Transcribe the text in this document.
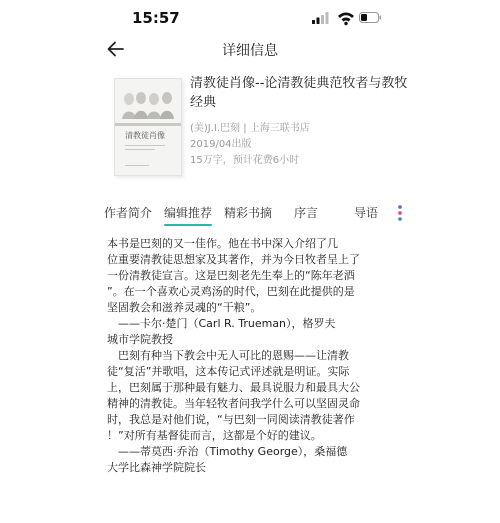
15:57
详细信息
清教徒肖像
清教徒肖像--论清教徒典范牧者与教牧
经典
(美)J.I.巴刻 | 上海三联书店
2019/04出版
15万字，预计花费6小时
作者简介 编辑推荐 精彩书摘 序言	导语
本书是巴刻的又一佳作。他在书中深入介绍了几
位重要清教徒思想家及其著作，并为今日牧者呈上了
一份清教徒宣言。这是巴刻老先生奉上的“陈年老酒
”。在一个喜欢心灵鸡汤的时代，巴刻在此提供的是
坚固教会和滋养灵魂的“干粮”。
　——卡尔·楚门（Carl R. Trueman），格罗夫
城市学院教授
　巴刻有种当下教会中无人可比的恩赐——让清教
徒“复活”并歌唱，这本传记式评述就是明证。实际
上，巴刻属于那种最有魅力、最具说服力和最具大公
精神的清教徒。当年轻牧者问我学什么可以坚固灵命
时，我总是对他们说，“与巴刻一同阅读清教徒著作
！”对所有基督徒而言，这都是个好的建议。
　——蒂莫西·乔治（Timothy George），桑福德
大学比森神学院院长
